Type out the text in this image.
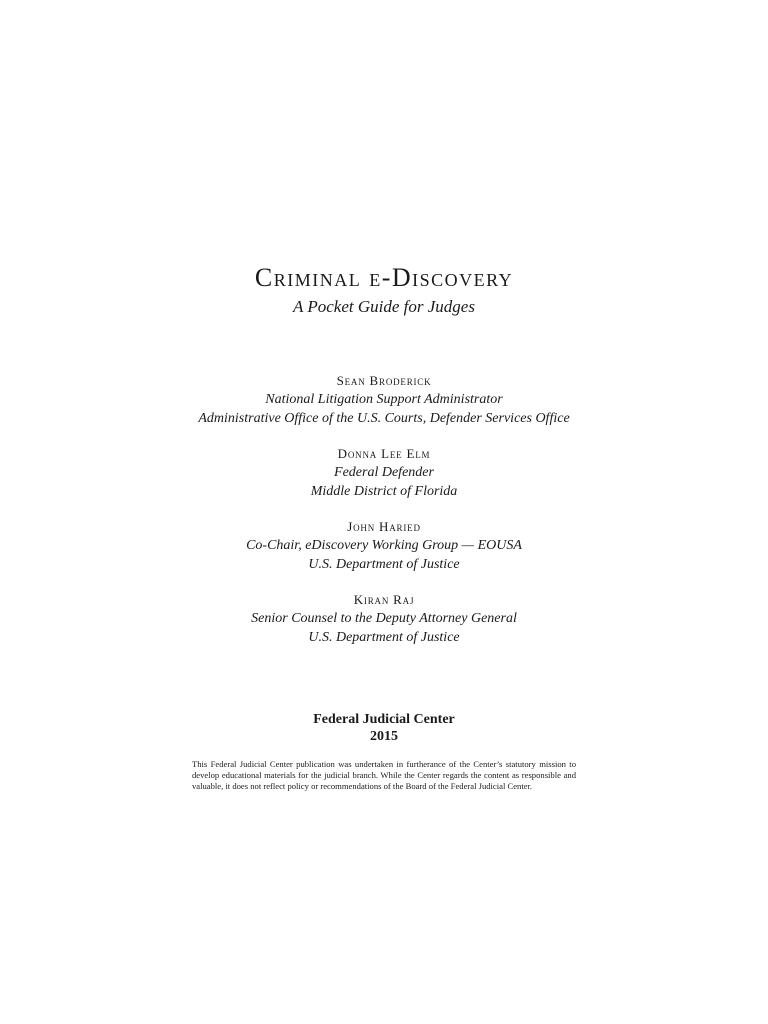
Criminal e-Discovery
A Pocket Guide for Judges
Sean Broderick
National Litigation Support Administrator
Administrative Office of the U.S. Courts, Defender Services Office
Donna Lee Elm
Federal Defender
Middle District of Florida
John Haried
Co-Chair, eDiscovery Working Group — EOUSA
U.S. Department of Justice
Kiran Raj
Senior Counsel to the Deputy Attorney General
U.S. Department of Justice
Federal Judicial Center
2015

This Federal Judicial Center publication was undertaken in furtherance of the Center’s statutory mission to develop educational materials for the judicial branch. While the Center regards the content as responsible and valuable, it does not reflect policy or recommendations of the Board of the Federal Judicial Center.
